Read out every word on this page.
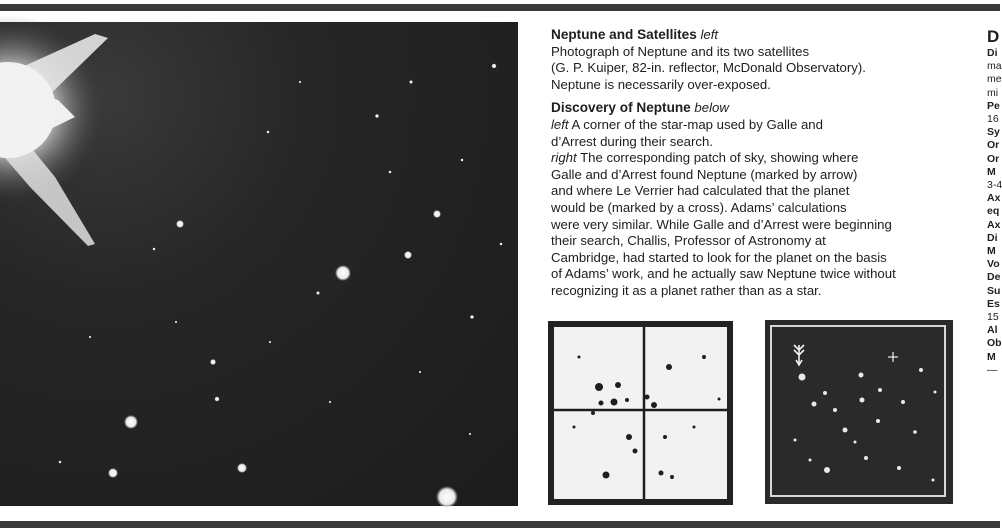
Neptune and Satellites left

Photograph of Neptune and its two satellites

(G. P. Kuiper, 82-in. reflector, McDonald Observatory).

Neptune is necessarily over-exposed.

Discovery of Neptune below

left A corner of the star-map used by Galle and

d’Arrest during their search.

right The corresponding patch of sky, showing where

Galle and d’Arrest found Neptune (marked by arrow)

and where Le Verrier had calculated that the planet

would be (marked by a cross). Adams’ calculations

were very similar. While Galle and d’Arrest were beginning

their search, Challis, Professor of Astronomy at

Cambridge, had started to look for the planet on the basis

of Adams’ work, and he actually saw Neptune twice without

recognizing it as a planet rather than as a star.

D
Di
ma
me
mi
Pe
16
Sy
Or
Or
M
3-4
Ax
eq
Ax
Di
M
Vo
De
Su
Es
15
Al
Ob
M
—
